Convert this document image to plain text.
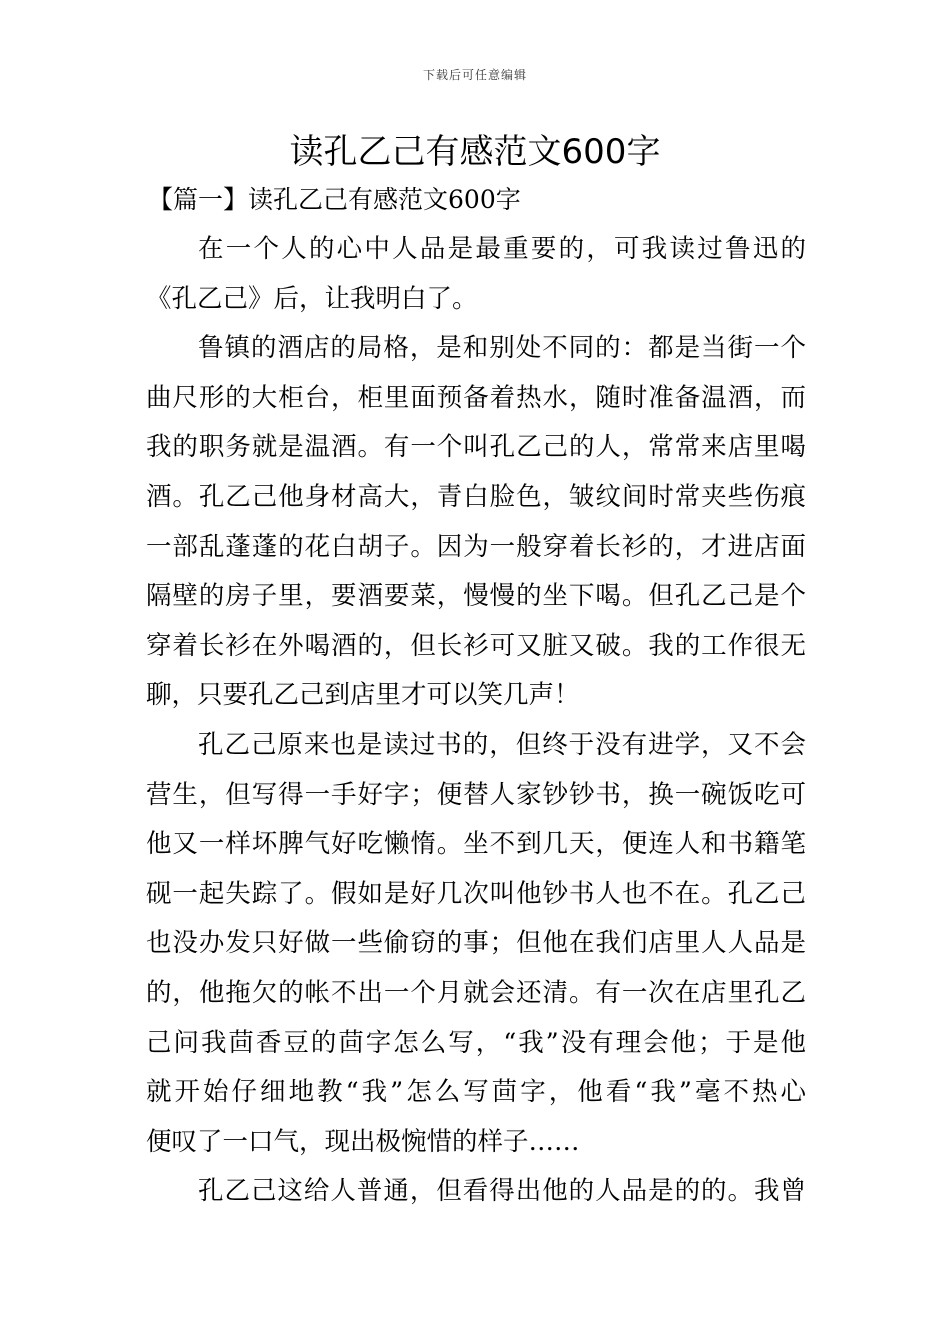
下载后可任意编辑
读孔乙己有感范文600字
【篇一】读孔乙己有感范文600字
在一个人的心中人品是最重要的，可我读过鲁迅的
《孔乙己》后，让我明白了。
鲁镇的酒店的局格，是和别处不同的：都是当街一个
曲尺形的大柜台，柜里面预备着热水，随时准备温酒，而
我的职务就是温酒。有一个叫孔乙己的人，常常来店里喝
酒。孔乙己他身材高大，青白脸色，皱纹间时常夹些伤痕
一部乱蓬蓬的花白胡子。因为一般穿着长衫的，才进店面
隔壁的房子里，要酒要菜，慢慢的坐下喝。但孔乙己是个
穿着长衫在外喝酒的，但长衫可又脏又破。我的工作很无
聊，只要孔乙己到店里才可以笑几声！
孔乙己原来也是读过书的，但终于没有进学，又不会
营生，但写得一手好字；便替人家钞钞书，换一碗饭吃可
他又一样坏脾气好吃懒惰。坐不到几天，便连人和书籍笔
砚一起失踪了。假如是好几次叫他钞书人也不在。孔乙己
也没办发只好做一些偷窃的事；但他在我们店里人人品是
的，他拖欠的帐不出一个月就会还清。有一次在店里孔乙
己问我茴香豆的茴字怎么写，“我”没有理会他；于是他
就开始仔细地教“我”怎么写茴字，他看“我”毫不热心
便叹了一口气，现出极惋惜的样子……
孔乙己这给人普通，但看得出他的人品是的的。我曾
